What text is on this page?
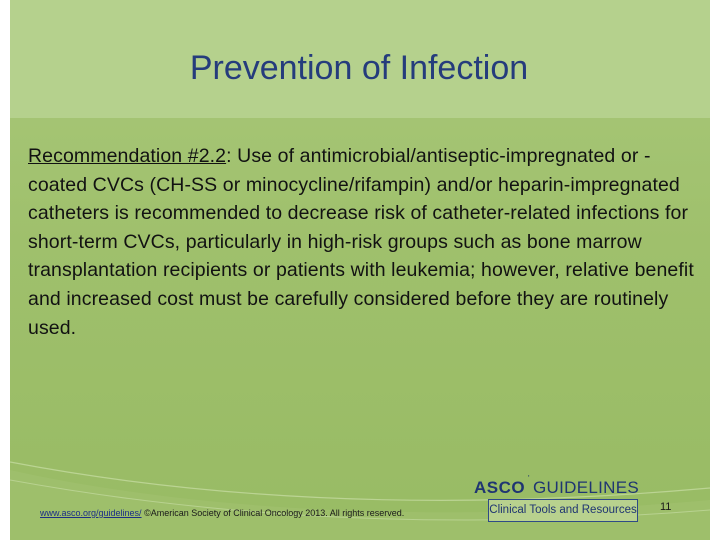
Prevention of Infection
Recommendation #2.2: Use of antimicrobial/antiseptic-impregnated or -coated CVCs (CH-SS or minocycline/rifampin) and/or heparin-impregnated catheters is recommended to decrease risk of catheter-related infections for short-term CVCs, particularly in high-risk groups such as bone marrow transplantation recipients or patients with leukemia; however, relative benefit and increased cost must be carefully considered before they are routinely used.
www.asco.org/guidelines/ ©American Society of Clinical Oncology 2013. All rights reserved.
ASCO ' GUIDELINES
Clinical Tools and Resources 11
